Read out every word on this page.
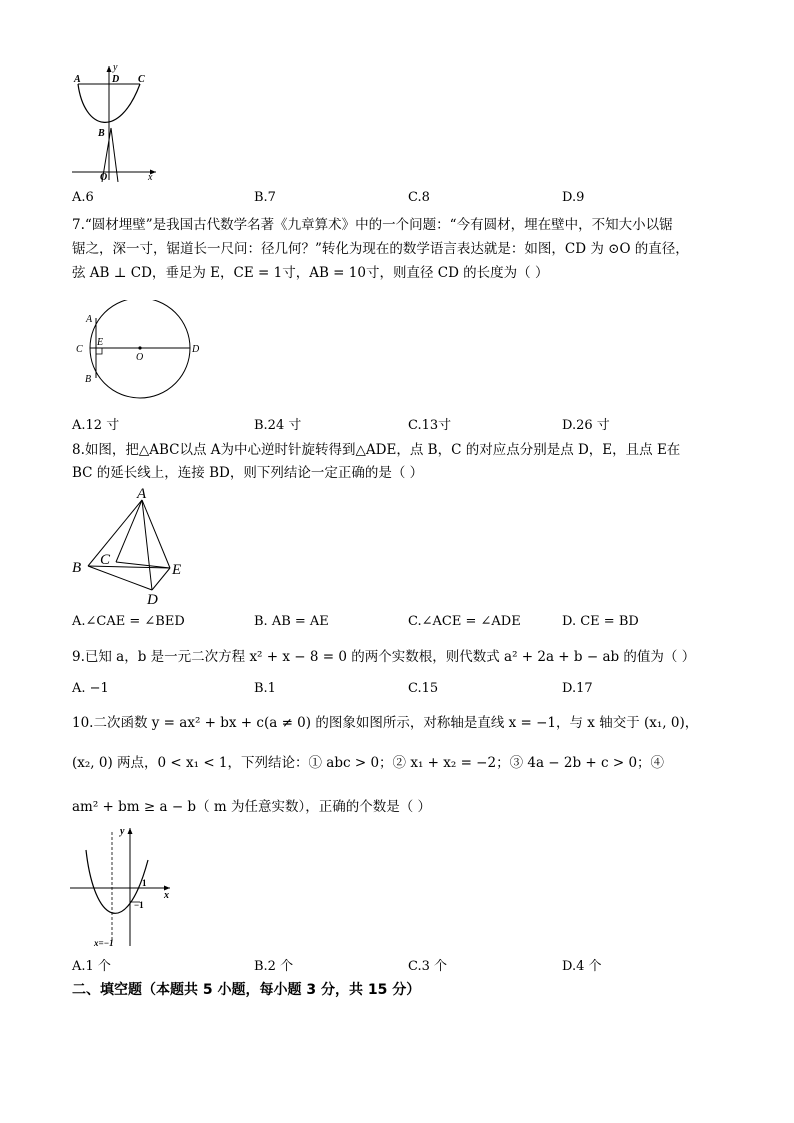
A	D C
B
O	x
y
A.6	B.7	C.8	D.9
7.“圆材埋壁”是我国古代数学名著《九章算术》中的一个问题：“今有圆材，埋在壁中，不知大小以锯
锯之，深一寸，锯道长一尺问：径几何？”转化为现在的数学语言表达就是：如图，CD 为 ⊙O 的直径，
弦 AB ⊥ CD，垂足为 E，CE = 1寸，AB = 10寸，则直径 CD 的长度为（ ）
A
C
E
O
D
B
A.12 寸	B.24 寸	C.13寸	D.26 寸
8.如图，把△ABC以点 A为中心逆时针旋转得到△ADE，点 B，C 的对应点分别是点 D，E，且点 E在
BC 的延长线上，连接 BD，则下列结论一定正确的是（ ）
A
B C
E
D
A.∠CAE = ∠BED	B. AB = AE	C.∠ACE = ∠ADE	D. CE = BD
9.已知 a，b 是一元二次方程 x² + x − 8 = 0 的两个实数根，则代数式 a² + 2a + b − ab 的值为（ ）
A. −1	B.1	C.15	D.17
10.二次函数 y = ax² + bx + c(a ≠ 0) 的图象如图所示，对称轴是直线 x = −1，与 x 轴交于 (x₁, 0)，
(x₂, 0) 两点，0 < x₁ < 1，下列结论：① abc > 0；② x₁ + x₂ = −2；③ 4a − 2b + c > 0；④
am² + bm ≥ a − b（ m 为任意实数），正确的个数是（ ）
y
x
1
−1
x=−1
A.1 个	B.2 个	C.3 个	D.4 个
二、填空题（本题共 5 小题，每小题 3 分，共 15 分）
